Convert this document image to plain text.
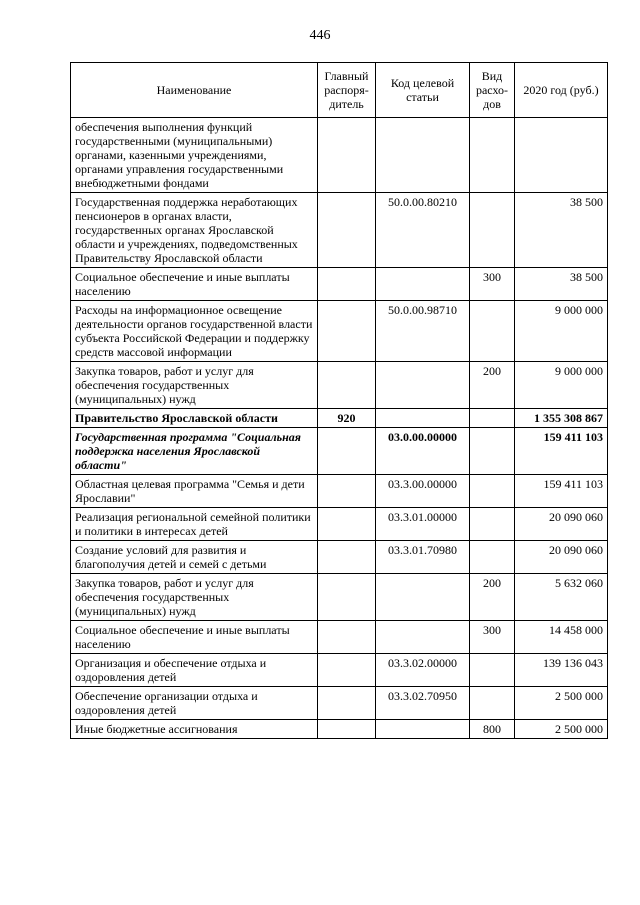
446
Наименование	Главный распоря-дитель	Код целевой статьи	Вид расхо-дов	2020 год (руб.)
обеспечения выполнения функций государственными (муниципальными) органами, казенными учреждениями, органами управления государственными внебюджетными фондами				
Государственная поддержка неработающих пенсионеров в органах власти, государственных органах Ярославской области и учреждениях, подведомственных Правительству Ярославской области		50.0.00.80210		38 500
Социальное обеспечение и иные выплаты населению			300	38 500
Расходы на информационное освещение деятельности органов государственной власти субъекта Российской Федерации и поддержку средств массовой информации		50.0.00.98710		9 000 000
Закупка товаров, работ и услуг для обеспечения государственных (муниципальных) нужд			200	9 000 000
Правительство Ярославской области	920			1 355 308 867
Государственная программа "Социальная поддержка населения Ярославской области"		03.0.00.00000		159 411 103
Областная целевая программа "Семья и дети Ярославии"		03.3.00.00000		159 411 103
Реализация региональной семейной политики и политики в интересах детей		03.3.01.00000		20 090 060
Создание условий для развития и благополучия детей и семей с детьми		03.3.01.70980		20 090 060
Закупка товаров, работ и услуг для обеспечения государственных (муниципальных) нужд			200	5 632 060
Социальное обеспечение и иные выплаты населению			300	14 458 000
Организация и обеспечение отдыха и оздоровления детей		03.3.02.00000		139 136 043
Обеспечение организации отдыха и оздоровления детей		03.3.02.70950		2 500 000
Иные бюджетные ассигнования			800	2 500 000
